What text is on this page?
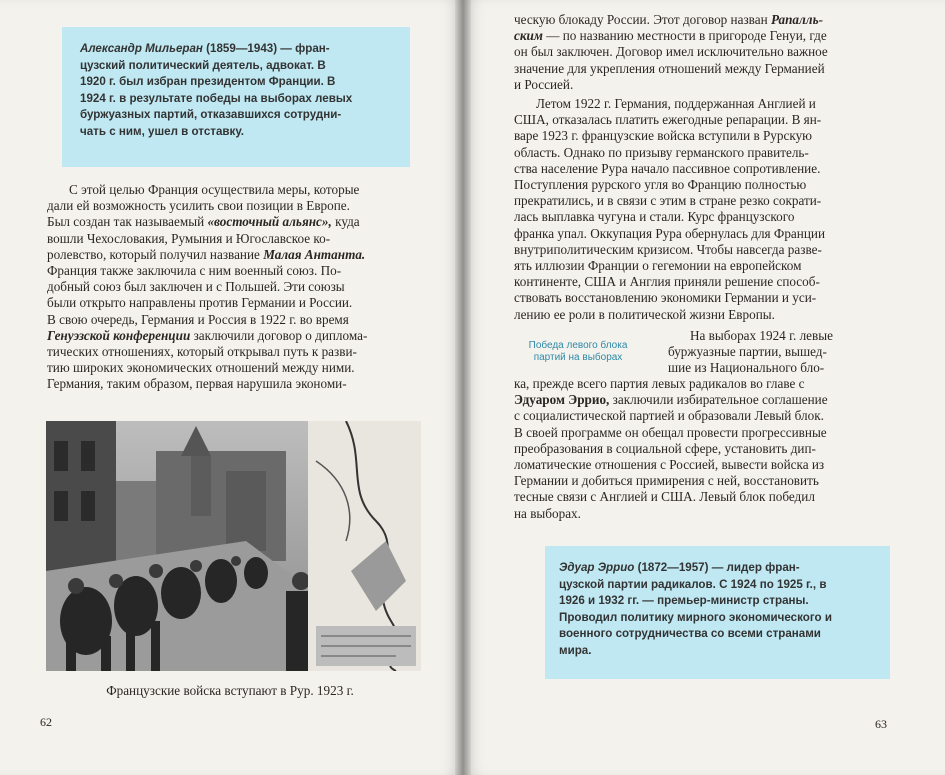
Александр Мильеран (1859—1943) — фран-

цузский политический деятель, адвокат. В

1920 г. был избран президентом Франции. В

1924 г. в результате победы на выборах левых

буржуазных партий, отказавшихся сотрудни-

чать с ним, ушел в отставку.

С этой целью Франция осуществила меры, которые

дали ей возможность усилить свои позиции в Европе.

Был создан так называемый «восточный альянс», куда

вошли Чехословакия, Румыния и Югославское ко-

ролевство, который получил название Малая Антанта.

Франция также заключила с ним военный союз. По-

добный союз был заключен и с Польшей. Эти союзы

были открыто направлены против Германии и России.

В свою очередь, Германия и Россия в 1922 г. во время

Генуэзской конференции заключили договор о диплома-

тических отношениях, который открывал путь к разви-

тию широких экономических отношений между ними.

Германия, таким образом, первая нарушила экономи-

Французские войска вступают в Рур. 1923 г.
62

ческую блокаду России. Этот договор назван Рапалль-

ским — по названию местности в пригороде Генуи, где

он был заключен. Договор имел исключительно важное

значение для укрепления отношений между Германией

и Россией.

Летом 1922 г. Германия, поддержанная Англией и

США, отказалась платить ежегодные репарации. В ян-

варе 1923 г. французские войска вступили в Рурскую

область. Однако по призыву германского правитель-

ства население Рура начало пассивное сопротивление.

Поступления рурского угля во Францию полностью

прекратились, и в связи с этим в стране резко сократи-

лась выплавка чугуна и стали. Курс французского

франка упал. Оккупация Рура обернулась для Франции

внутриполитическим кризисом. Чтобы навсегда разве-

ять иллюзии Франции о гегемонии на европейском

континенте, США и Англия приняли решение способ-

ствовать восстановлению экономики Германии и уси-

лению ее роли в политической жизни Европы.

Победа левого блока партий на выборах

На выборах 1924 г. левые

буржуазные партии, вышед-

шие из Национального бло-

ка, прежде всего партия левых радикалов во главе с

Эдуаром Эррио, заключили избирательное соглашение

с социалистической партией и образовали Левый блок.

В своей программе он обещал провести прогрессивные

преобразования в социальной сфере, установить дип-

ломатические отношения с Россией, вывести войска из

Германии и добиться примирения с ней, восстановить

тесные связи с Англией и США. Левый блок победил

на выборах.

Эдуар Эррио (1872—1957) — лидер фран-

цузской партии радикалов. С 1924 по 1925 г., в

1926 и 1932 гг. — премьер-министр страны.

Проводил политику мирного экономического и

военного сотрудничества со всеми странами

мира.

63
